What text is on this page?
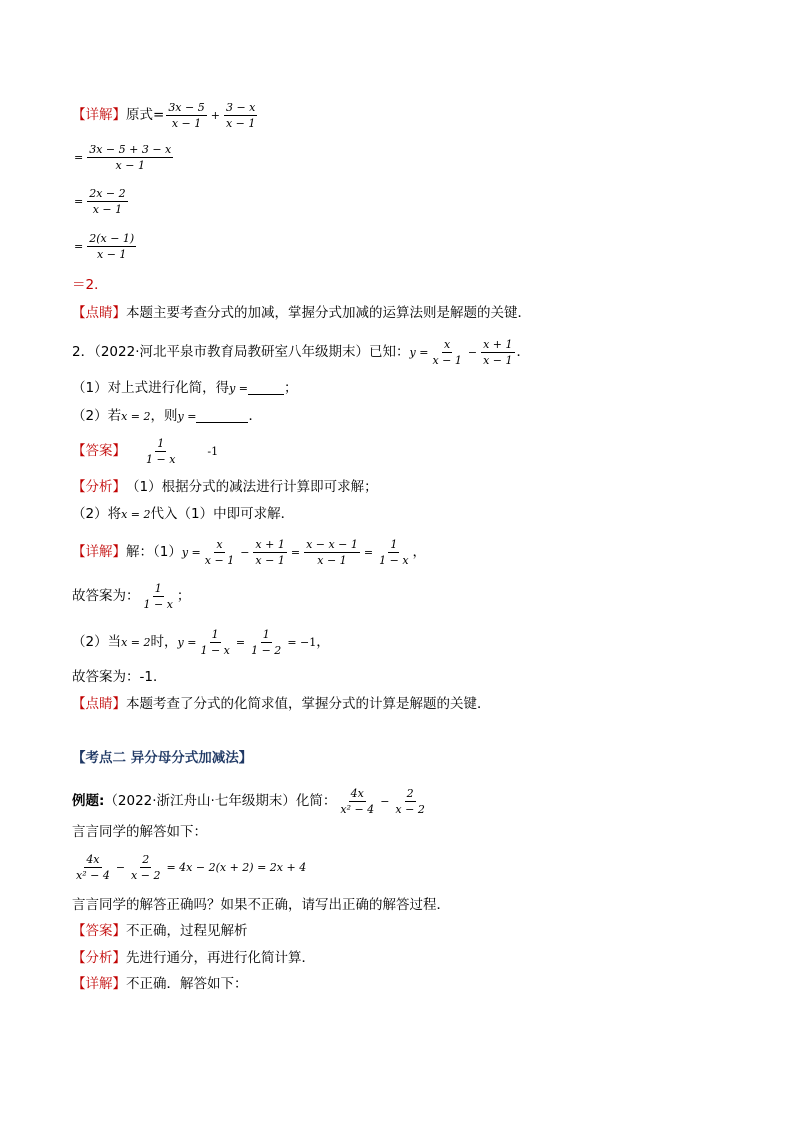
【详解】 原式= $\frac{3x - 5}{x - 1} + \frac{3 - x}{x - 1}$
= $\frac{3x - 5 + 3 - x}{x - 1}$
= $\frac{2x - 2}{x - 1}$
= $\frac{2(x - 1)}{x - 1}$
＝2．
【点睛】 本题主要考查分式的加减，掌握分式加减的运算法则是解题的关键．
2．（2022·河北平泉市教育局教研室八年级期末）已知： $y = \frac{x}{x - 1} - \frac{x + 1}{x - 1}$ ．
（1）对上式进行化简，得 y =	；
（2）若 x = 2 ，则 y =	．
【答案】 $\frac{1}{1 - x}$	-1
【分析】 （1）根据分式的减法进行计算即可求解；
（2）将 x = 2 代入（1）中即可求解．
【详解】 解：（1） $y = \frac{x}{x - 1} - \frac{x + 1}{x - 1} = \frac{x - x - 1}{x - 1} = \frac{1}{1 - x}$ ，
故答案为： $\frac{1}{1 - x}$ ；
（2）当 x = 2 时， $y = \frac{1}{1 - x} = \frac{1}{1 - 2} = -1$ ，
故答案为：-1．
【点睛】 本题考查了分式的化简求值，掌握分式的计算是解题的关键．
【考点二 异分母分式加减法】
例题: （2022·浙江舟山·七年级期末）化简： $\frac{4x}{\text{x² − 4}} - \frac{2}{x - 2}$
言言同学的解答如下：
$\frac{4x}{\text{x² − 4}} - \frac{2}{x - 2} = 4x - 2(x + 2) = 2x + 4$
言言同学的解答正确吗？如果不正确，请写出正确的解答过程．
【答案】 不正确，过程见解析
【分析】 先进行通分，再进行化简计算．
【详解】 不正确．解答如下：
